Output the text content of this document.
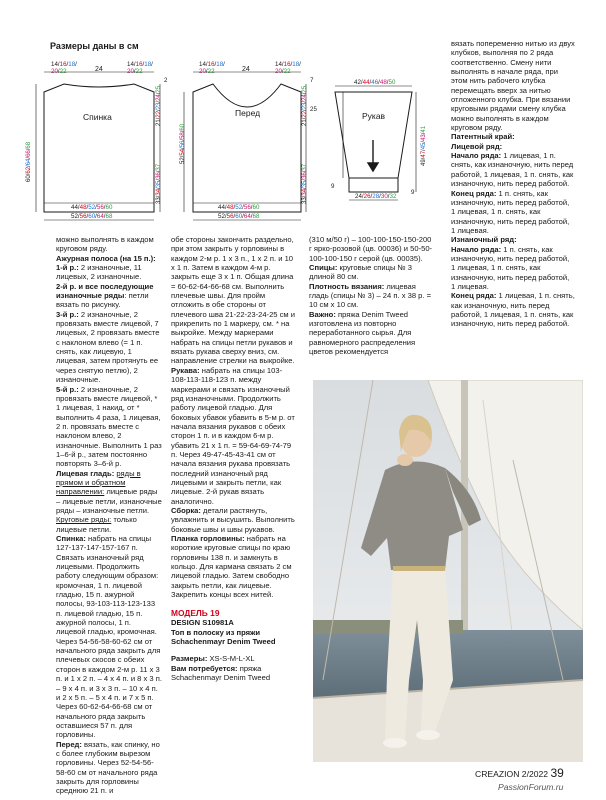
Размеры даны в см
14/16/18/
20/22	24
14/16/18/
20/22
Спинка
60/62/64/66/68
21/22/23/24/25
33/34/35/36/37
2
44/48/52/56/60
52/56/60/64/68
14/16/18/
20/22	24
14/16/18/
20/22
Перед
52/54/56/58/60
21/22/23/24/25
33/34/35/36/37
7
44/48/52/56/60
52/56/60/64/68
25
42/44/46/48/50
Рукав
49/47/45/43/41
9
9
24/26/28/30/32

можно выполнять в каждом круговом ряду.

Ажурная полоса (на 15 п.):

1-й р.: 2 изнаночные, 11 лицевых, 2 изнаночные.

2-й р. и все последующие изнаночные ряды: петли вязать по рисунку.

3-й р.: 2 изнаночные, 2 провязать вместе лицевой, 7 лицевых, 2 провязать вместе с наклоном влево (= 1 п. снять, как лицевую, 1 лицевая, затем протянуть ее через снятую петлю), 2 изнаночные.

5-й р.: 2 изнаночные, 2 провязать вместе лицевой, * 1 лицевая, 1 накид, от * выполнить 4 раза, 1 лицевая, 2 п. провязать вместе с наклоном влево, 2 изнаночные. Выполнить 1 раз 1–6-й р., затем постоянно повторять 3–6-й р.

Лицевая гладь: ряды в прямом и обратном направлении: лицевые ряды – лицевые петли, изнаночные ряды – изнаночные петли. Круговые ряды: только лицевые петли.

Спинка: набрать на спицы 127-137-147-157-167 п. Связать изнаночный ряд лицевыми. Продолжить работу следующим образом: кромочная, 1 п. лицевой гладью, 15 п. ажурной полосы, 93-103-113-123-133 п. лицевой гладью, 15 п. ажурной полосы, 1 п. лицевой гладью, кромочная. Через 54-56-58-60-62 см от начального ряда закрыть для плечевых скосов с обеих сторон в каждом 2-м р. 11 х 3 п. и 1 х 2 п. – 4 х 4 п. и 8 х 3 п. – 9 х 4 п. и 3 х 3 п. – 10 х 4 п. и 2 х 5 п. – 5 х 4 п. и 7 х 5 п. Через 60-62-64-66-68 см от начального ряда закрыть оставшиеся 57 п. для горловины.

Перед: вязать, как спинку, но с более глубоким вырезом горловины. Через 52-54-56-58-60 см от начального ряда закрыть для горловины среднюю 21 п. и

обе стороны закончить раздельно, при этом закрыть у горловины в каждом 2-м р. 1 х 3 п., 1 х 2 п. и 10 х 1 п. Затем в каждом 4-м р. закрыть еще 3 х 1 п. Общая длина = 60-62-64-66-68 см. Выполнить плечевые швы. Для пройм отложить в обе стороны от плечевого шва 21-22-23-24-25 см и прикрепить по 1 маркеру, см. * на выкройке. Между маркерами набрать на спицы петли рукавов и вязать рукава сверху вниз, см. направление стрелки на выкройке.

Рукава: набрать на спицы 103-108-113-118-123 п. между маркерами и связать изнаночный ряд изнаночными. Продолжить работу лицевой гладью. Для боковых убавок убавить в 5-м р. от начала вязания рукавов с обеих сторон 1 п. и в каждом 6-м р. убавить 21 х 1 п. = 59-64-69-74-79 п. Через 49-47-45-43-41 см от начала вязания рукава провязать последний изнаночный ряд лицевыми и закрыть петли, как лицевые. 2-й рукав вязать аналогично.

Сборка: детали растянуть, увлажнить и высушить. Выполнить боковые швы и швы рукавов.

Планка горловины: набрать на короткие круговые спицы по краю горловины 138 п. и замкнуть в кольцо. Для кармана связать 2 см лицевой гладью. Затем свободно закрыть петли, как лицевые. Закрепить концы всех нитей.

МОДЕЛЬ 19

DESIGN S10981A

Топ в полоску из пряжи
Schachenmayr Denim Tweed

Размеры: XS-S-M-L-XL

Вам потребуется: пряжа Schachenmayr Denim Tweed

(310 м/50 г) – 100-100-150-150-200 г ярко-розовой (цв. 00036) и 50-50-100-100-150 г серой (цв. 00035).

Спицы: круговые спицы № 3 длиной 80 см.

Плотность вязания: лицевая гладь (спицы № 3) – 24 п. х 38 р. = 10 см х 10 см.

Важно: пряжа Denim Tweed изготовлена из повторно переработанного сырья. Для равномерного распределения цветов рекомендуется

вязать попеременно нитью из двух клубков, выполняя по 2 ряда соответственно. Смену нити выполнять в начале ряда, при этом нить рабочего клубка перемещать вверх за нитью отложенного клубка. При вязании круговыми рядами смену клубка можно выполнять в каждом круговом ряду.

Патентный край:

Лицевой ряд:

Начало ряда: 1 лицевая, 1 п. снять, как изнаночную, нить перед работой, 1 лицевая, 1 п. снять, как изнаночную, нить перед работой.

Конец ряда: 1 п. снять, как изнаночную, нить перед работой, 1 лицевая, 1 п. снять, как изнаночную, нить перед работой, 1 лицевая.

Изнаночный ряд:

Начало ряда: 1 п. снять, как изнаночную, нить перед работой, 1 лицевая, 1 п. снять, как изнаночную, нить перед работой, 1 лицевая.

Конец ряда: 1 лицевая, 1 п. снять, как изнаночную, нить перед работой, 1 лицевая, 1 п. снять, как изнаночную, нить перед работой.

CREAZION 2/2022 39
PassionForum.ru
